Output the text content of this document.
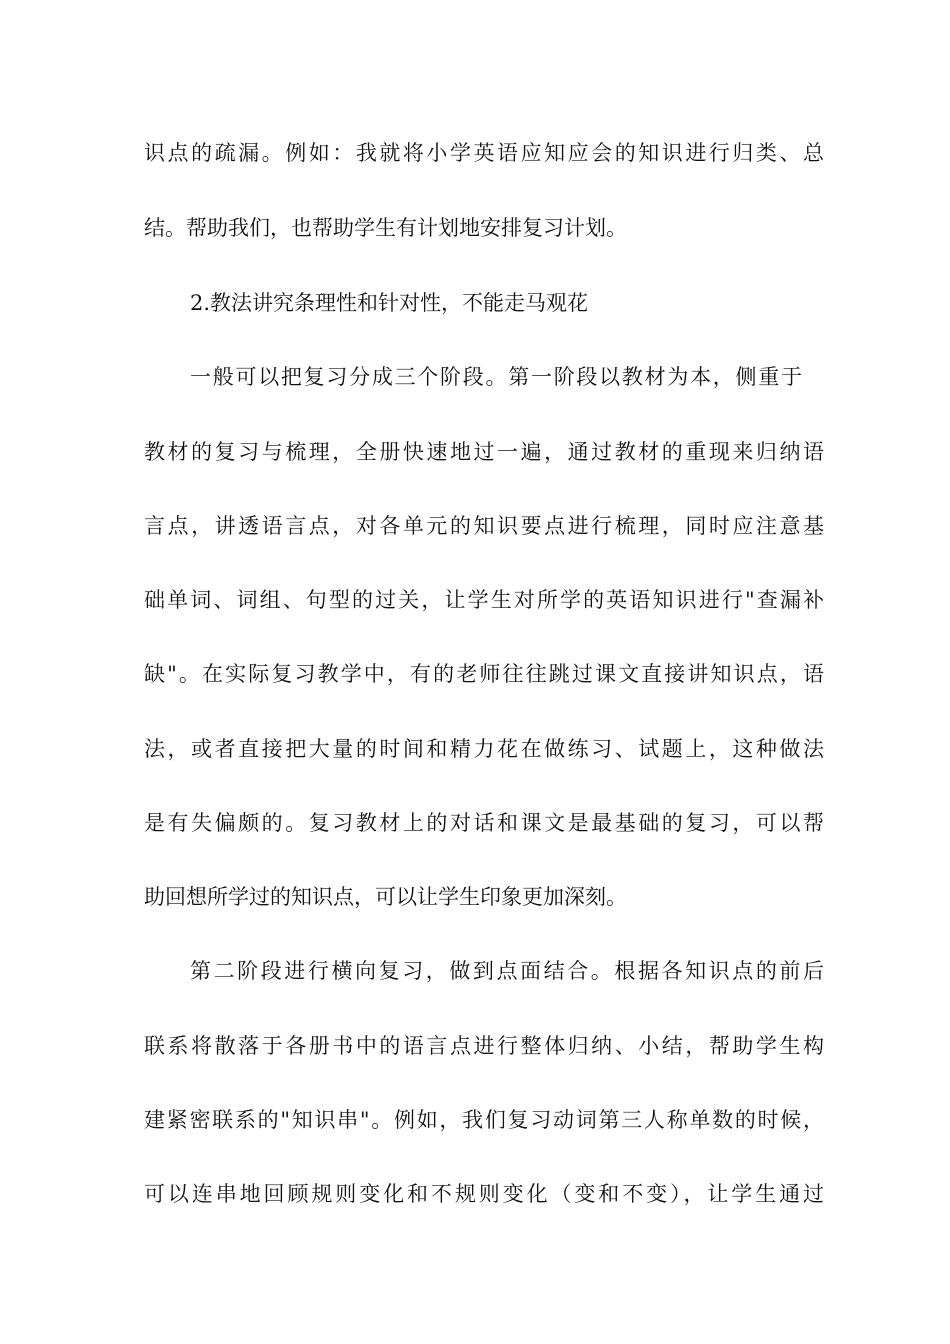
识点的疏漏。例如：我就将小学英语应知应会的知识进行归类、总
结。帮助我们，也帮助学生有计划地安排复习计划。
2.教法讲究条理性和针对性，不能走马观花
一般可以把复习分成三个阶段。第一阶段以教材为本，侧重于
教材的复习与梳理，全册快速地过一遍，通过教材的重现来归纳语
言点，讲透语言点，对各单元的知识要点进行梳理，同时应注意基
础单词、词组、句型的过关，让学生对所学的英语知识进行"查漏补
缺"。在实际复习教学中，有的老师往往跳过课文直接讲知识点，语
法，或者直接把大量的时间和精力花在做练习、试题上，这种做法
是有失偏颇的。复习教材上的对话和课文是最基础的复习，可以帮
助回想所学过的知识点，可以让学生印象更加深刻。
第二阶段进行横向复习，做到点面结合。根据各知识点的前后
联系将散落于各册书中的语言点进行整体归纳、小结，帮助学生构
建紧密联系的"知识串"。例如，我们复习动词第三人称单数的时候，
可以连串地回顾规则变化和不规则变化（变和不变），让学生通过
